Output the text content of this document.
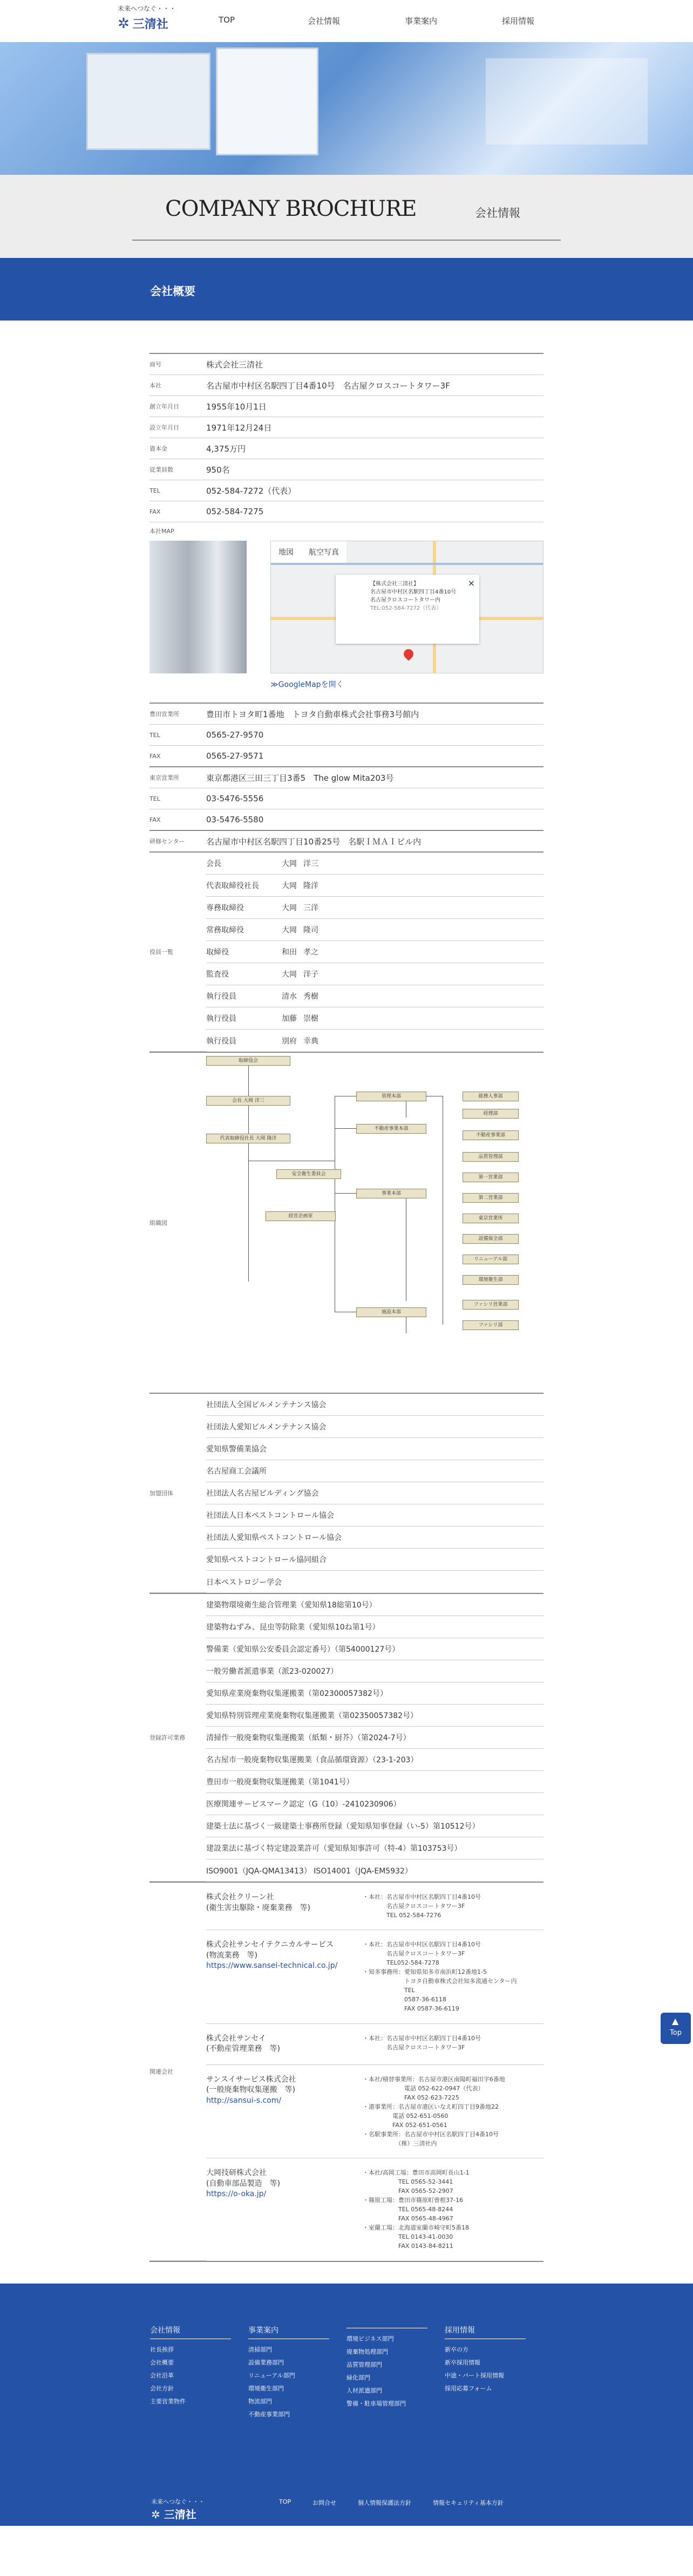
未来へつなぐ・・・
✲ 三清社	TOP	会社情報	事業案内	採用情報
COMPANY BROCHURE	会社情報
会社概要
商号	株式会社三清社
本社	名古屋市中村区名駅四丁目4番10号　名古屋クロスコートタワー3F
創立年月日	1955年10月1日
設立年月日	1971年12月24日
資本金	4,375万円
従業員数	950名
TEL	052-584-7272（代表）
FAX	052-584-7275
本社MAP
地図	航空写真
【株式会社三清社】
名古屋市中村区名駅四丁目4番10号
名古屋クロスコートタワー内
TEL:052-584-7272（代表）
×
≫GoogleMapを開く
豊田営業所	豊田市トヨタ町1番地　トヨタ自動車株式会社事務3号館内
TEL	0565-27-9570
FAX	0565-27-9571
東京営業所	東京都港区三田三丁目3番5　The glow Mita203号
TEL	03-5476-5556
FAX	03-5476-5580
研修センター	名古屋市中村区名駅四丁目10番25号　名駅ＩＭＡＩビル内
役員一覧
会長	大岡 洋三
代表取締役社長	大岡 隆洋
専務取締役	大岡 三洋
常務取締役	大岡 隆司
取締役	和田 孝之
監査役	大岡 洋子
執行役員	清水 秀樹
執行役員	加藤 崇樹
執行役員	別府 幸典
組織図
取締役会
会長 大岡 洋三
代表取締役社長 大岡 隆洋
安全衛生委員会
経営企画室
管理本部
不動産事業本部
事業本部
施設本部
総務人事部
経理部
不動産事業部
品質管理部
第一営業部
第二営業部
東京営業所
設備保全部
リニューアル部
環境衛生部
ファシリ営業部
ファシリ部
加盟団体
社団法人全国ビルメンテナンス協会
社団法人愛知ビルメンテナンス協会
愛知県警備業協会
名古屋商工会議所
社団法人名古屋ビルディング協会
社団法人日本ペストコントロール協会
社団法人愛知県ペストコントロール協会
愛知県ペストコントロール協同組合
日本ペストロジー学会
登録許可業務
建築物環境衛生総合管理業（愛知県18総第10号）
建築物ねずみ、昆虫等防除業（愛知県10ね第1号）
警備業（愛知県公安委員会認定番号）（第54000127号）
一般労働者派遣事業（派23-020027）
愛知県産業廃棄物収集運搬業（第02300057382号）
愛知県特別管理産業廃棄物収集運搬業（第02350057382号）
清掃作一般廃棄物収集運搬業（紙類・厨芥）（第2024-7号）
名古屋市一般廃棄物収集運搬業（食品循環資源）（23-1-203）
豊田市一般廃棄物収集運搬業（第1041号）
医療関連サービスマーク認定（G（10）-2410230906）
建築士法に基づく一級建築士事務所登録（愛知県知事登録（い-5）第10512号）
建設業法に基づく特定建設業許可（愛知県知事許可（特-4）第103753号）
ISO9001（JQA-QMA13413） ISO14001（JQA-EM5932）
関連会社
株式会社クリーン社
(衛生害虫駆除・廃棄業務　等)
・本社：名古屋市中村区名駅四丁目4番10号
　　　　名古屋クロスコートタワー3F
　　　　TEL 052-584-7276
株式会社サンセイテクニカルサービス
(物流業務　等)
https://www.sansei-technical.co.jp/
・本社：名古屋市中村区名駅四丁目4番10号
　　　　名古屋クロスコートタワー3F
　　　　TEL052-584-7278
・知多事務所：愛知県知多市南浜町12番地1-5
　　　　　　　トヨタ自動車株式会社知多流通センター内
　　　　　　　TEL
　　　　　　　0587-36-6118
　　　　　　　FAX 0587-36-6119
株式会社サンセイ
(不動産管理業務　等)
・本社：名古屋市中村区名駅四丁目4番10号
　　　　名古屋クロスコートタワー3F
サンスイサービス株式会社
(一般廃棄物収集運搬　等)
http://sansui-s.com/
・本社/積替事業所：名古屋市港区南陽町福田字6番地
　　　　　　　電話 052-622-0947（代表）
　　　　　　　FAX 052-623-7225
・港事業所：名古屋市港区いなえ町四丁目9番地22
　　　　　電話 052-651-0560
　　　　　FAX 052-651-0561
・名駅事業所：名古屋市中村区名駅四丁目4番10号
　　　　　　（株）三清社内
大岡技研株式会社
(自動車部品製造　等)
https://o-oka.jp/
・本社/高岡工場：豊田市高岡町長山1-1
　　　　　　TEL 0565-52-3441
　　　　　　FAX 0565-52-2907
・篠原工場：豊田市篠原町曽根37-16
　　　　　　TEL 0565-48-8244
　　　　　　FAX 0565-48-4967
・室蘭工場：北海道室蘭市崎守町5番18
　　　　　　TEL 0143-41-0030
　　　　　　FAX 0143-84-8211
会社情報

社長挨拶

会社概要

会社沿革

会社方針

主要営業物件

事業案内

清掃部門

設備業務部門

リニューアル部門

環境衛生部門

物流部門

不動産事業部門

環境ビジネス部門

廃棄物処理部門

品質管理部門

緑化部門

人材派遣部門

警備・駐車場管理部門

採用情報

新卒の方

新卒採用情報

中途・パート採用情報

採用応募フォーム

未来へつなぐ・・・
✲ 三清社
TOP	お問合せ	個人情報保護法方針	情報セキュリティ基本方針
▲
Top
